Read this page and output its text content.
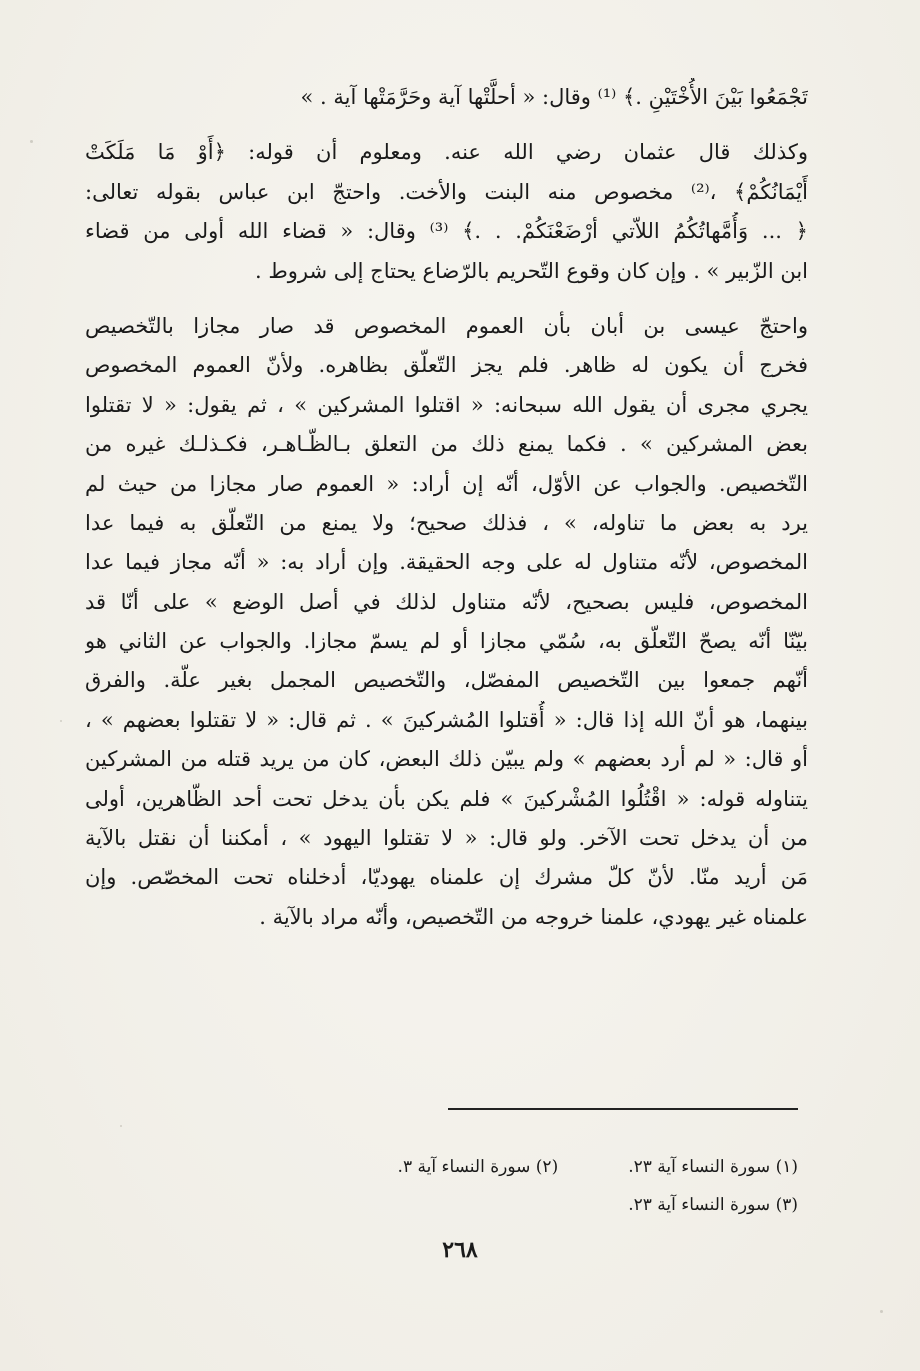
تَجْمَعُوا بَيْنَ الأُخْتَيْنِ .﴾ ⁽¹⁾ وقال: « أحلَّتْها آية وحَرَّمَتْها آية . »
وكذلك قال عثمان رضي الله عنه. ومعلوم أن قوله: ﴿أَوْ مَا مَلَكَتْ
أَيْمَانُكُمْ﴾ ،⁽²⁾ مخصوص منه البنت والأخت. واحتجّ ابن عباس بقوله تعالى:
﴿ ... وَأُمَّهاتُكُمُ اللاّتي أرْضَعْنَكُمْ. . .﴾ ⁽³⁾ وقال: « قضاء الله أولى من قضاء
ابن الزّبير » . وإن كان وقوع التّحريم بالرّضاع يحتاج إلى شروط .
واحتجّ عيسى بن أبان بأن العموم المخصوص قد صار مجازا بالتّخصيص
فخرج أن يكون له ظاهر. فلم يجز التّعلّق بظاهره. ولأنّ العموم المخصوص
يجري مجرى أن يقول الله سبحانه: « اقتلوا المشركين » ، ثم يقول: « لا تقتلوا
بعض المشركين » . فكما يمنع ذلك من التعلق بـالظّـاهـر، فكـذلـك غيره من
التّخصيص. والجواب عن الأوّل، أنّه إن أراد: « العموم صار مجازا من حيث لم
يرد به بعض ما تناوله، » ، فذلك صحيح؛ ولا يمنع من التّعلّق به فيما عدا
المخصوص، لأنّه متناول له على وجه الحقيقة. وإن أراد به: « أنّه مجاز فيما عدا
المخصوص، فليس بصحيح، لأنّه متناول لذلك في أصل الوضع » على أنّا قد
بيّنّا أنّه يصحّ التّعلّق به، سُمّي مجازا أو لم يسمّ مجازا. والجواب عن الثاني هو
أنّهم جمعوا بين التّخصيص المفصّل، والتّخصيص المجمل بغير علّة. والفرق
بينهما، هو أنّ الله إذا قال: « أُقتلوا المُشركينَ » . ثم قال: « لا تقتلوا بعضهم » ،
أو قال: « لم أرد بعضهم » ولم يبيّن ذلك البعض، كان من يريد قتله من المشركين
يتناوله قوله: « اقْتُلُوا المُشْركينَ » فلم يكن بأن يدخل تحت أحد الظّاهرين، أولى
من أن يدخل تحت الآخر. ولو قال: « لا تقتلوا اليهود » ، أمكننا أن نقتل بالآية
مَن أريد منّا. لأنّ كلّ مشرك إن علمناه يهوديّا، أدخلناه تحت المخصّص. وإن
علمناه غير يهودي، علمنا خروجه من التّخصيص، وأنّه مراد بالآية .
(١) سورة النساء آية ٢٣.(٢) سورة النساء آية ٣.
(٣) سورة النساء آية ٢٣.
٢٦٨
